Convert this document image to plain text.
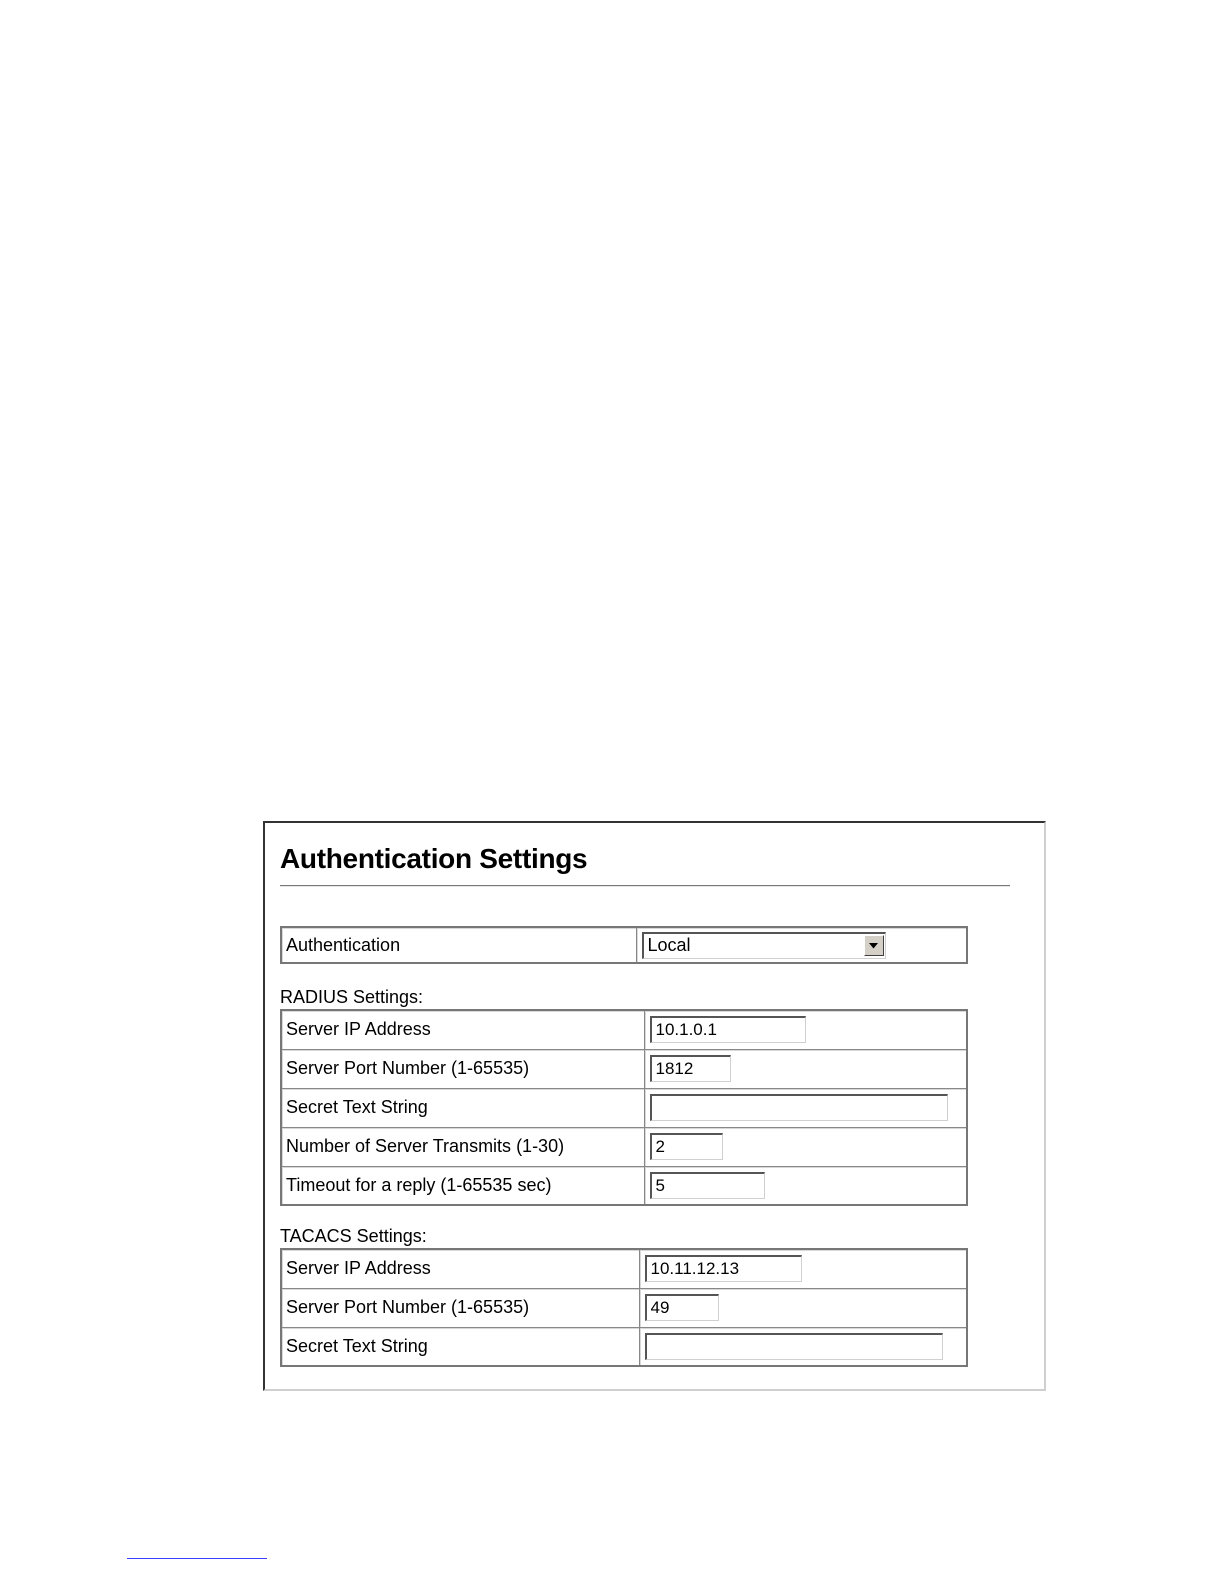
Authentication Settings
Authentication	Local
RADIUS Settings:
Server IP Address	10.1.0.1
Server Port Number (1-65535)	1812
Secret Text String	
Number of Server Transmits (1-30)	2
Timeout for a reply (1-65535 sec)	5
TACACS Settings:
Server IP Address	10.11.12.13
Server Port Number (1-65535)	49
Secret Text String	
